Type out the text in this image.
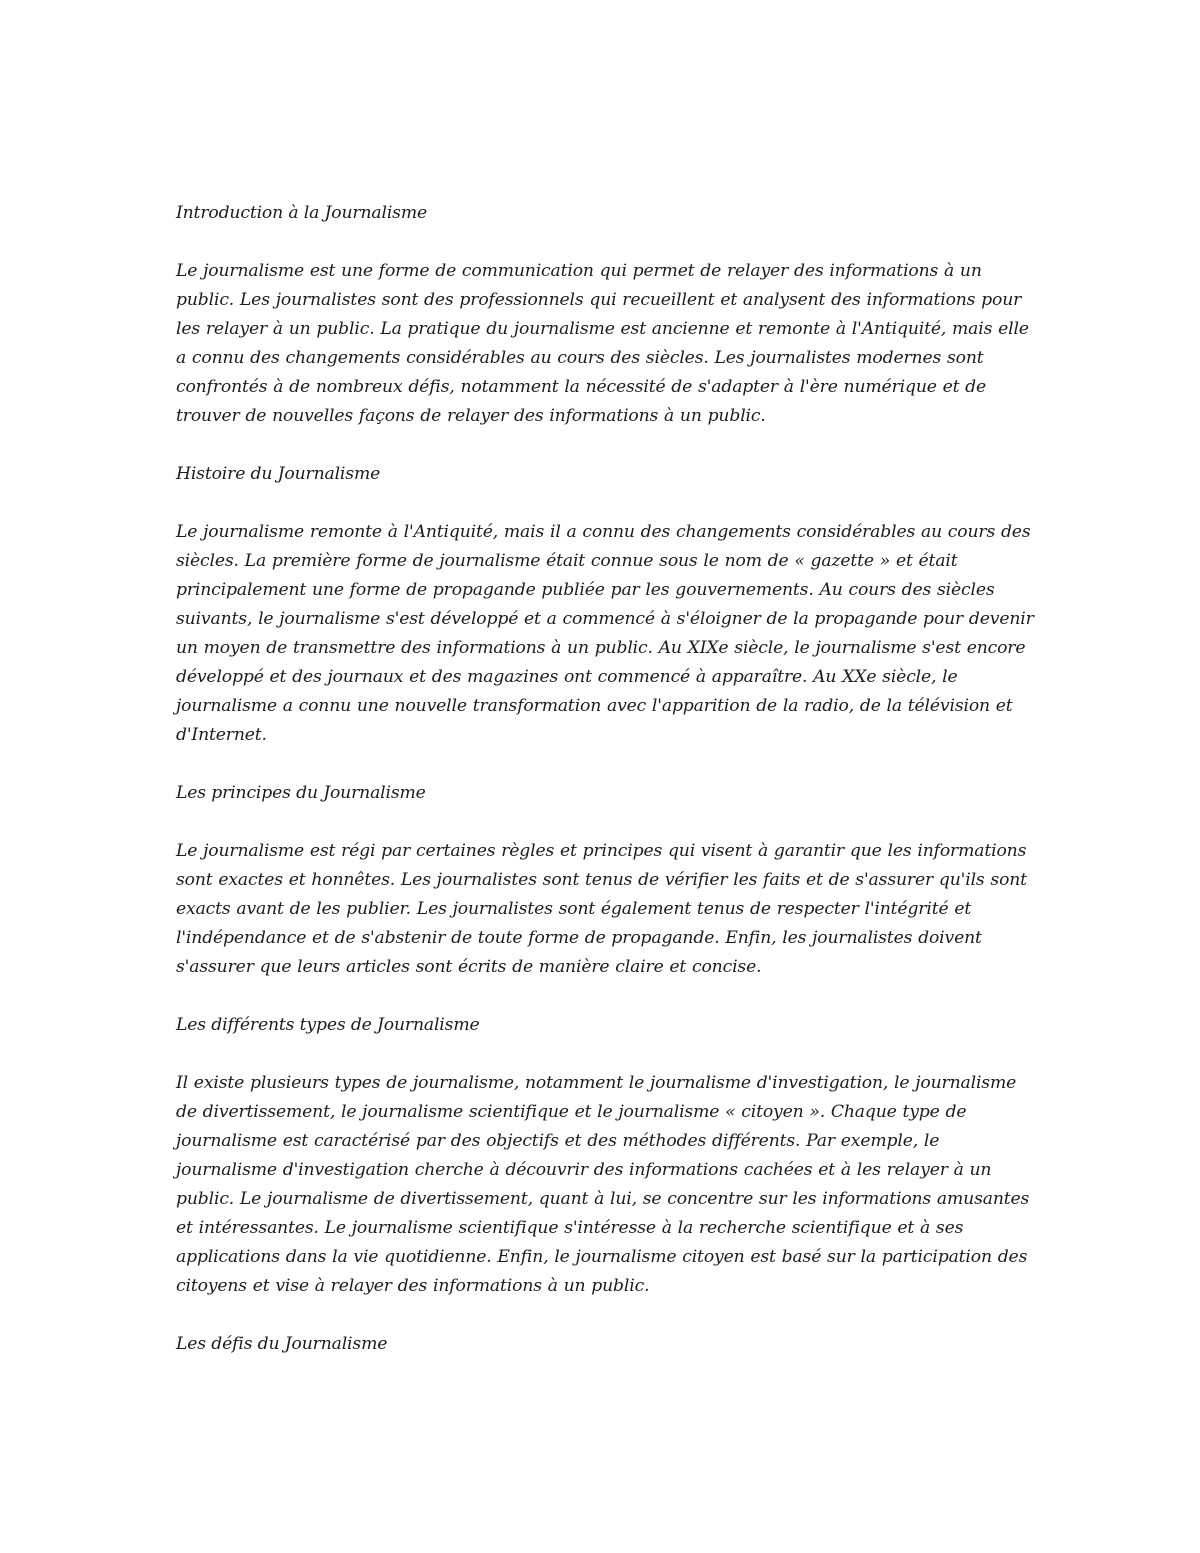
Introduction à la Journalisme

Le journalisme est une forme de communication qui permet de relayer des informations à un public. Les journalistes sont des professionnels qui recueillent et analysent des informations pour les relayer à un public. La pratique du journalisme est ancienne et remonte à l'Antiquité, mais elle a connu des changements considérables au cours des siècles. Les journalistes modernes sont confrontés à de nombreux défis, notamment la nécessité de s'adapter à l'ère numérique et de trouver de nouvelles façons de relayer des informations à un public.

Histoire du Journalisme

Le journalisme remonte à l'Antiquité, mais il a connu des changements considérables au cours des siècles. La première forme de journalisme était connue sous le nom de « gazette » et était principalement une forme de propagande publiée par les gouvernements. Au cours des siècles suivants, le journalisme s'est développé et a commencé à s'éloigner de la propagande pour devenir un moyen de transmettre des informations à un public. Au XIXe siècle, le journalisme s'est encore développé et des journaux et des magazines ont commencé à apparaître. Au XXe siècle, le journalisme a connu une nouvelle transformation avec l'apparition de la radio, de la télévision et d'Internet.

Les principes du Journalisme

Le journalisme est régi par certaines règles et principes qui visent à garantir que les informations sont exactes et honnêtes. Les journalistes sont tenus de vérifier les faits et de s'assurer qu'ils sont exacts avant de les publier. Les journalistes sont également tenus de respecter l'intégrité et l'indépendance et de s'abstenir de toute forme de propagande. Enfin, les journalistes doivent s'assurer que leurs articles sont écrits de manière claire et concise.

Les différents types de Journalisme

Il existe plusieurs types de journalisme, notamment le journalisme d'investigation, le journalisme de divertissement, le journalisme scientifique et le journalisme « citoyen ». Chaque type de journalisme est caractérisé par des objectifs et des méthodes différents. Par exemple, le journalisme d'investigation cherche à découvrir des informations cachées et à les relayer à un public. Le journalisme de divertissement, quant à lui, se concentre sur les informations amusantes et intéressantes. Le journalisme scientifique s'intéresse à la recherche scientifique et à ses applications dans la vie quotidienne. Enfin, le journalisme citoyen est basé sur la participation des citoyens et vise à relayer des informations à un public.

Les défis du Journalisme
